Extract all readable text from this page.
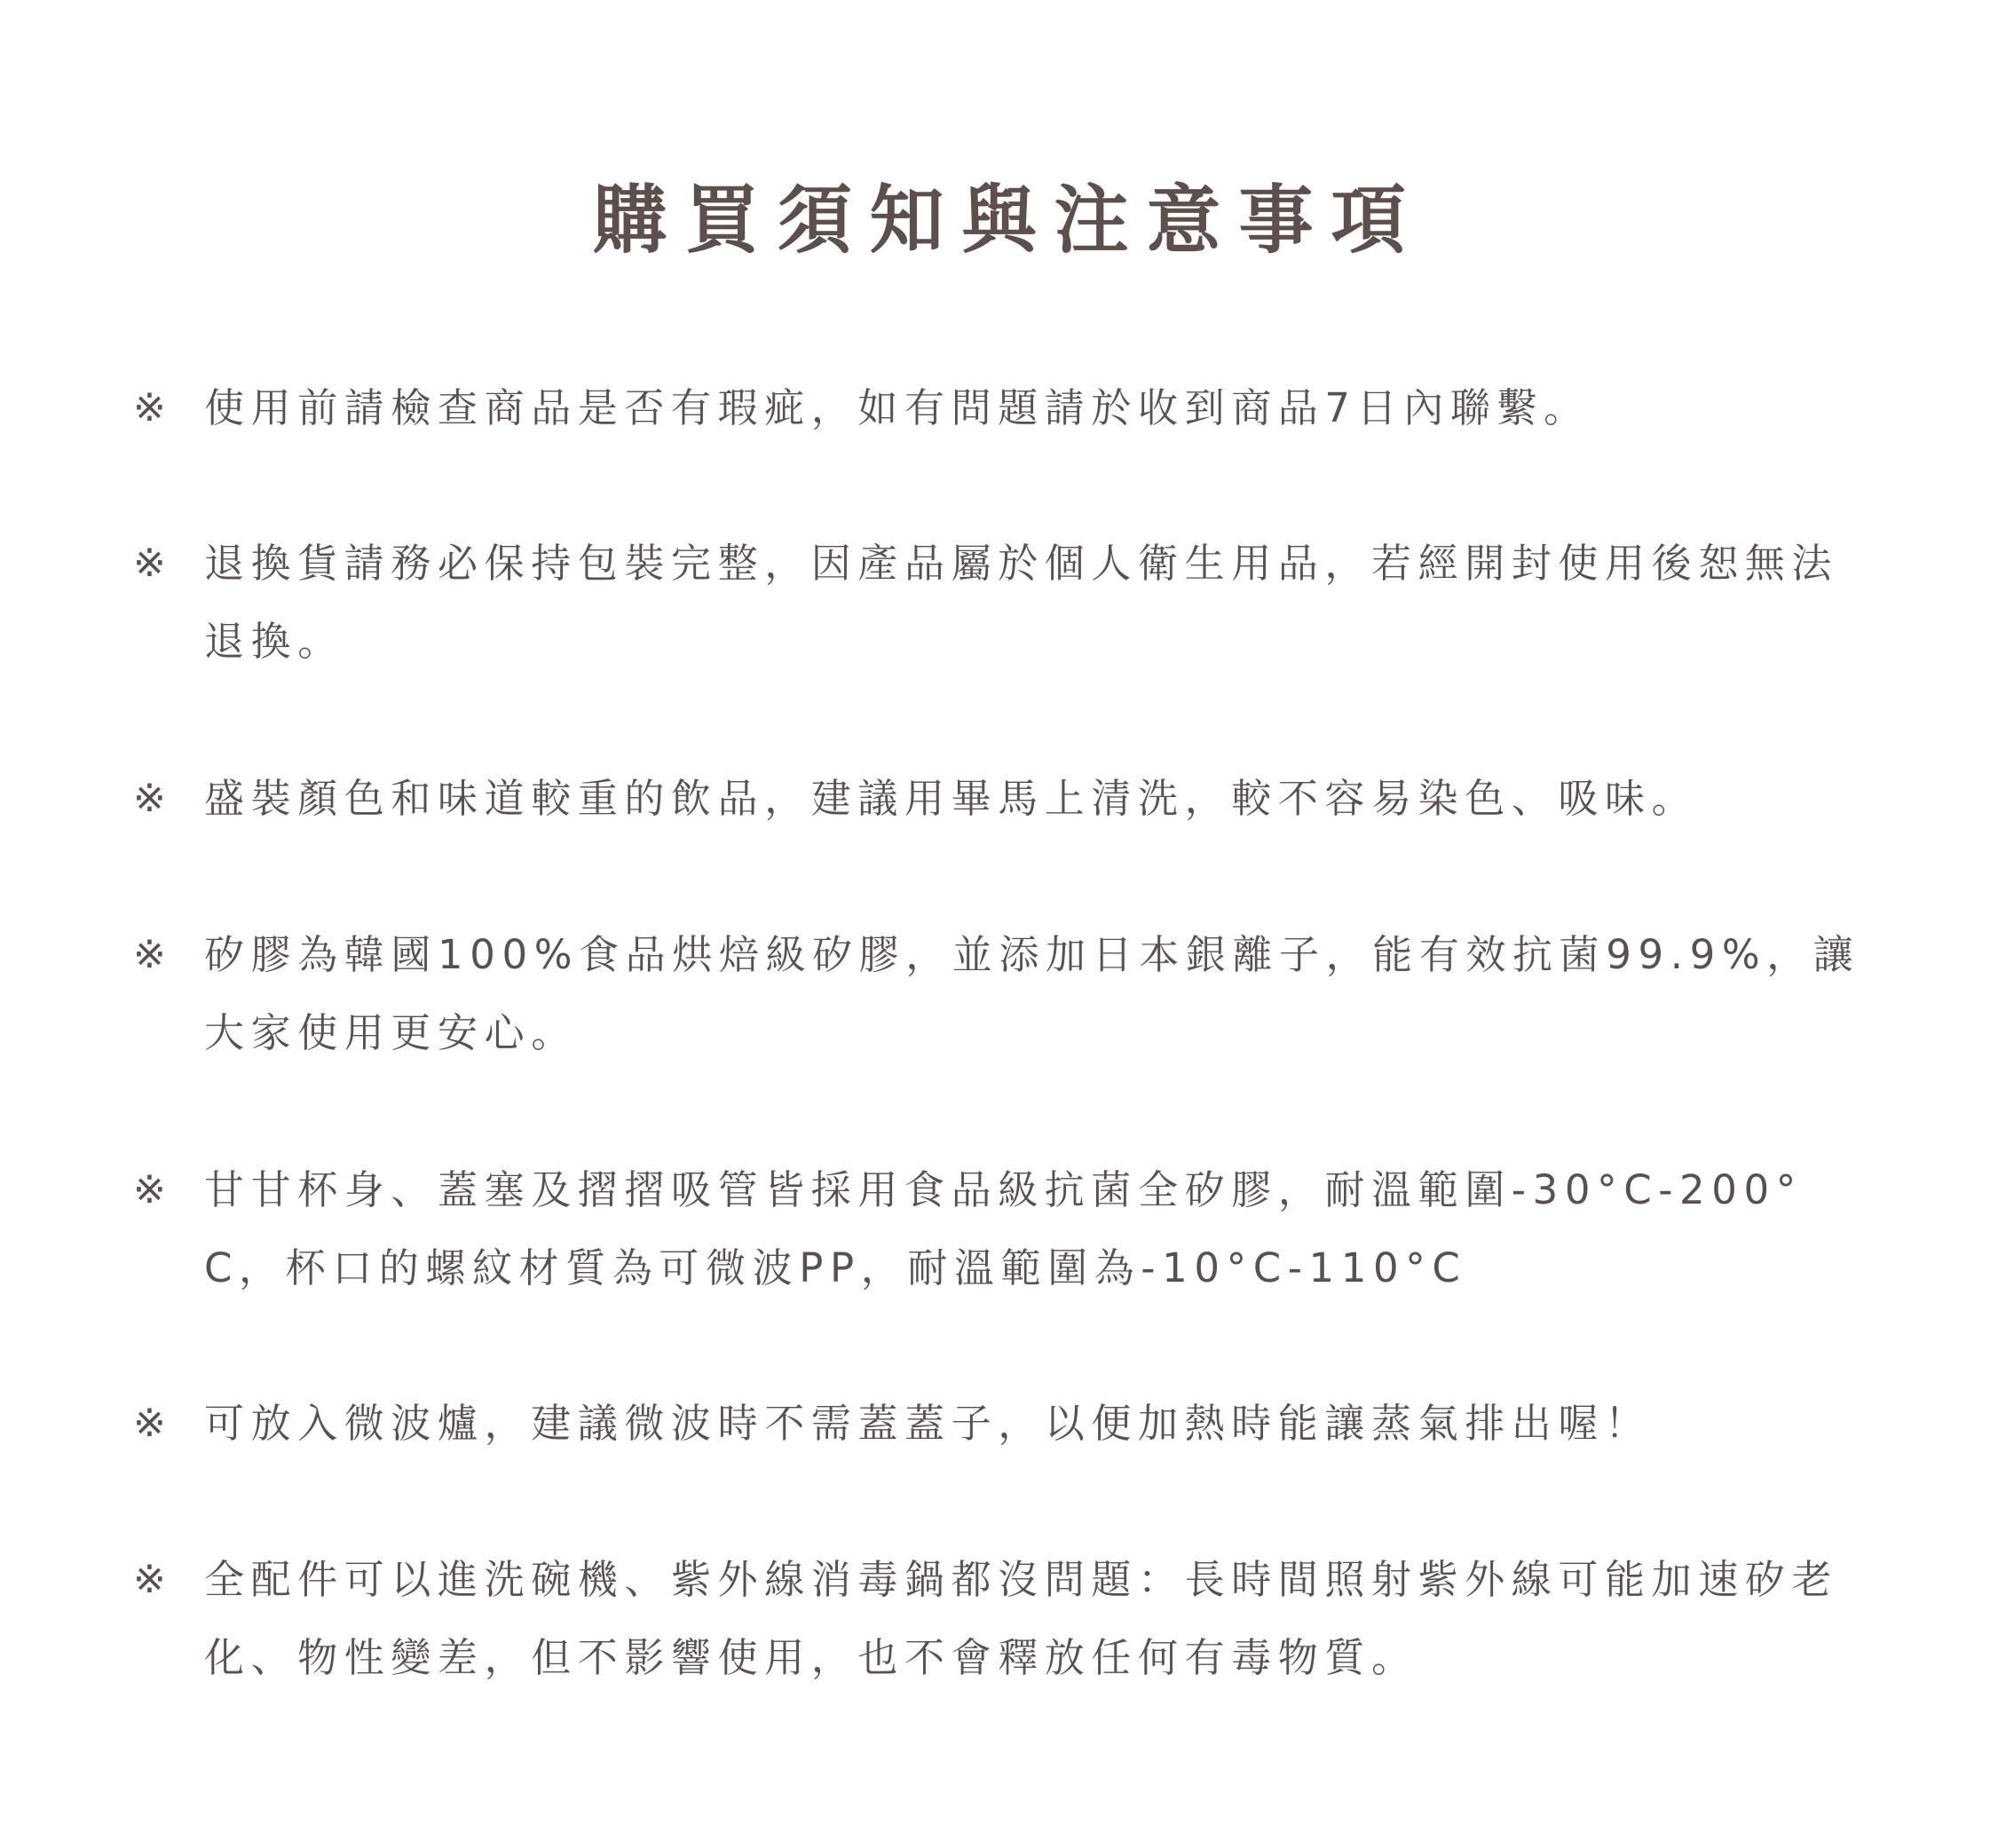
購買須知與注意事項
※ 使用前請檢查商品是否有瑕疵，如有問題請於收到商品7日內聯繫。
※ 退換貨請務必保持包裝完整，因產品屬於個人衛生用品，若經開封使用後恕無法退換。
※ 盛裝顏色和味道較重的飲品，建議用畢馬上清洗，較不容易染色、吸味。
※ 矽膠為韓國100%食品烘焙級矽膠，並添加日本銀離子，能有效抗菌99.9%，讓大家使用更安心。
※ 甘甘杯身、蓋塞及摺摺吸管皆採用食品級抗菌全矽膠，耐溫範圍-30°C-200°C，杯口的螺紋材質為可微波PP，耐溫範圍為-10°C-110°C
※ 可放入微波爐，建議微波時不需蓋蓋子，以便加熱時能讓蒸氣排出喔！
※ 全配件可以進洗碗機、紫外線消毒鍋都沒問題：長時間照射紫外線可能加速矽老化、物性變差，但不影響使用，也不會釋放任何有毒物質。
